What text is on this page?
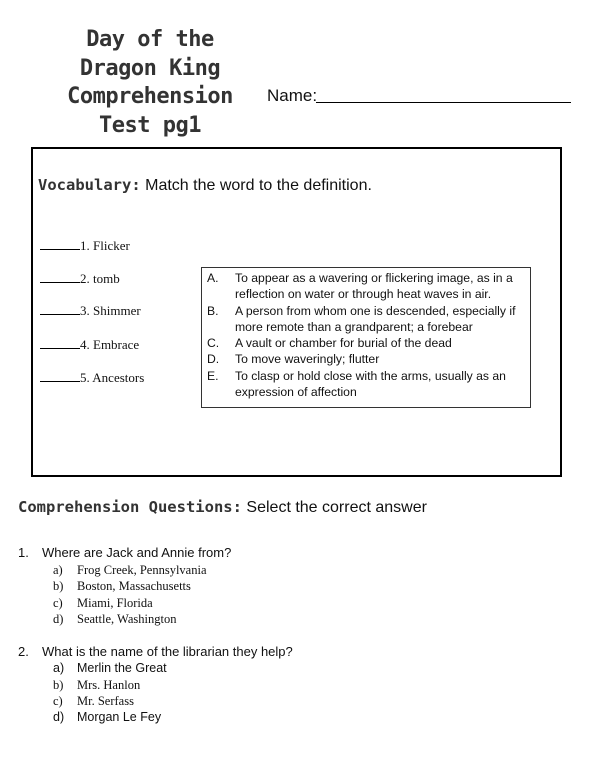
Day of the
Dragon King
Comprehension
Test pg1
Name:
Vocabulary: Match the word to the definition.
1. Flicker
2. tomb
3. Shimmer
4. Embrace
5. Ancestors
A.	To appear as a wavering or flickering image, as in a reflection on water or through heat waves in air.
B.	A person from whom one is descended, especially if more remote than a grandparent; a forebear
C.	A vault or chamber for burial of the dead
D.	To move waveringly; flutter
E.	To clasp or hold close with the arms, usually as an expression of affection
Comprehension Questions: Select the correct answer
1. Where are Jack and Annie from?
a) Frog Creek, Pennsylvania
b) Boston, Massachusetts
c) Miami, Florida
d) Seattle, Washington
2. What is the name of the librarian they help?
a) Merlin the Great
b) Mrs. Hanlon
c) Mr. Serfass
d) Morgan Le Fey
